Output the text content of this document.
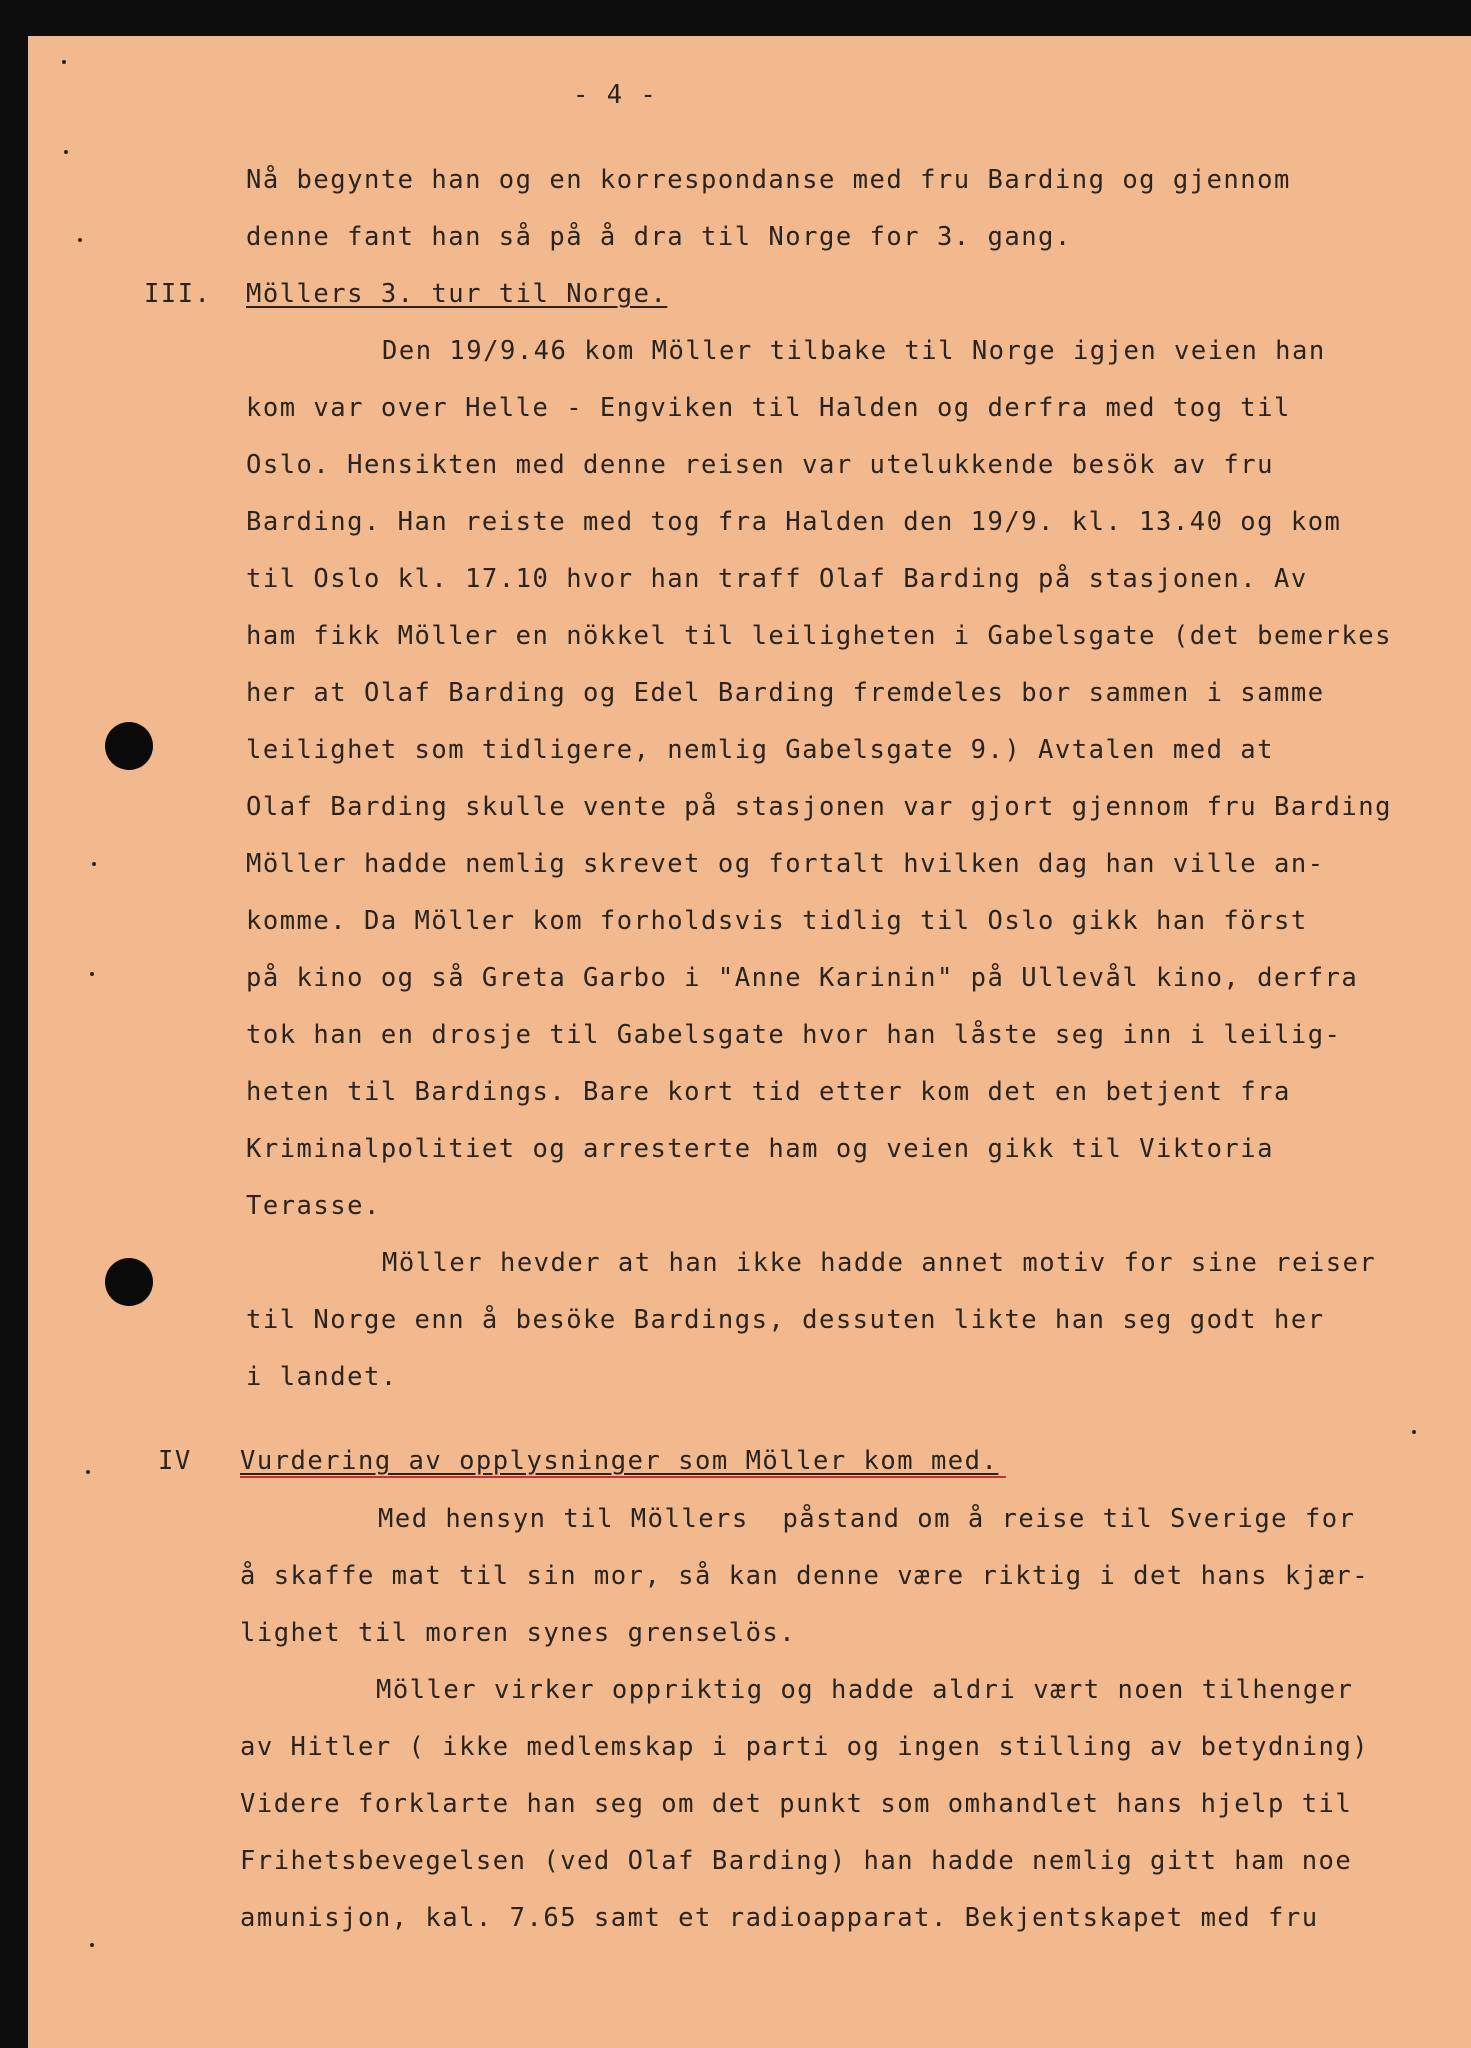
- 4 -
Nå begynte han og en korrespondanse med fru Barding og gjennom
denne fant han så på å dra til Norge for 3. gang.
III. Möllers 3. tur til Norge.
Den 19/9.46 kom Möller tilbake til Norge igjen veien han
kom var over Helle - Engviken til Halden og derfra med tog til
Oslo. Hensikten med denne reisen var utelukkende besök av fru
Barding. Han reiste med tog fra Halden den 19/9. kl. 13.40 og kom
til Oslo kl. 17.10 hvor han traff Olaf Barding på stasjonen. Av
ham fikk Möller en nökkel til leiligheten i Gabelsgate (det bemerkes
her at Olaf Barding og Edel Barding fremdeles bor sammen i samme
leilighet som tidligere, nemlig Gabelsgate 9.) Avtalen med at
Olaf Barding skulle vente på stasjonen var gjort gjennom fru Barding
Möller hadde nemlig skrevet og fortalt hvilken dag han ville an-
komme. Da Möller kom forholdsvis tidlig til Oslo gikk han först
på kino og så Greta Garbo i "Anne Karinin" på Ullevål kino, derfra
tok han en drosje til Gabelsgate hvor han låste seg inn i leilig-
heten til Bardings. Bare kort tid etter kom det en betjent fra
Kriminalpolitiet og arresterte ham og veien gikk til Viktoria
Terasse.
Möller hevder at han ikke hadde annet motiv for sine reiser
til Norge enn å besöke Bardings, dessuten likte han seg godt her
i landet.
IV Vurdering av opplysninger som Möller kom med.
Med hensyn til Möllers  påstand om å reise til Sverige for
å skaffe mat til sin mor, så kan denne være riktig i det hans kjær-
lighet til moren synes grenselös.
Möller virker oppriktig og hadde aldri vært noen tilhenger
av Hitler ( ikke medlemskap i parti og ingen stilling av betydning)
Videre forklarte han seg om det punkt som omhandlet hans hjelp til
Frihetsbevegelsen (ved Olaf Barding) han hadde nemlig gitt ham noe
amunisjon, kal. 7.65 samt et radioapparat. Bekjentskapet med fru
